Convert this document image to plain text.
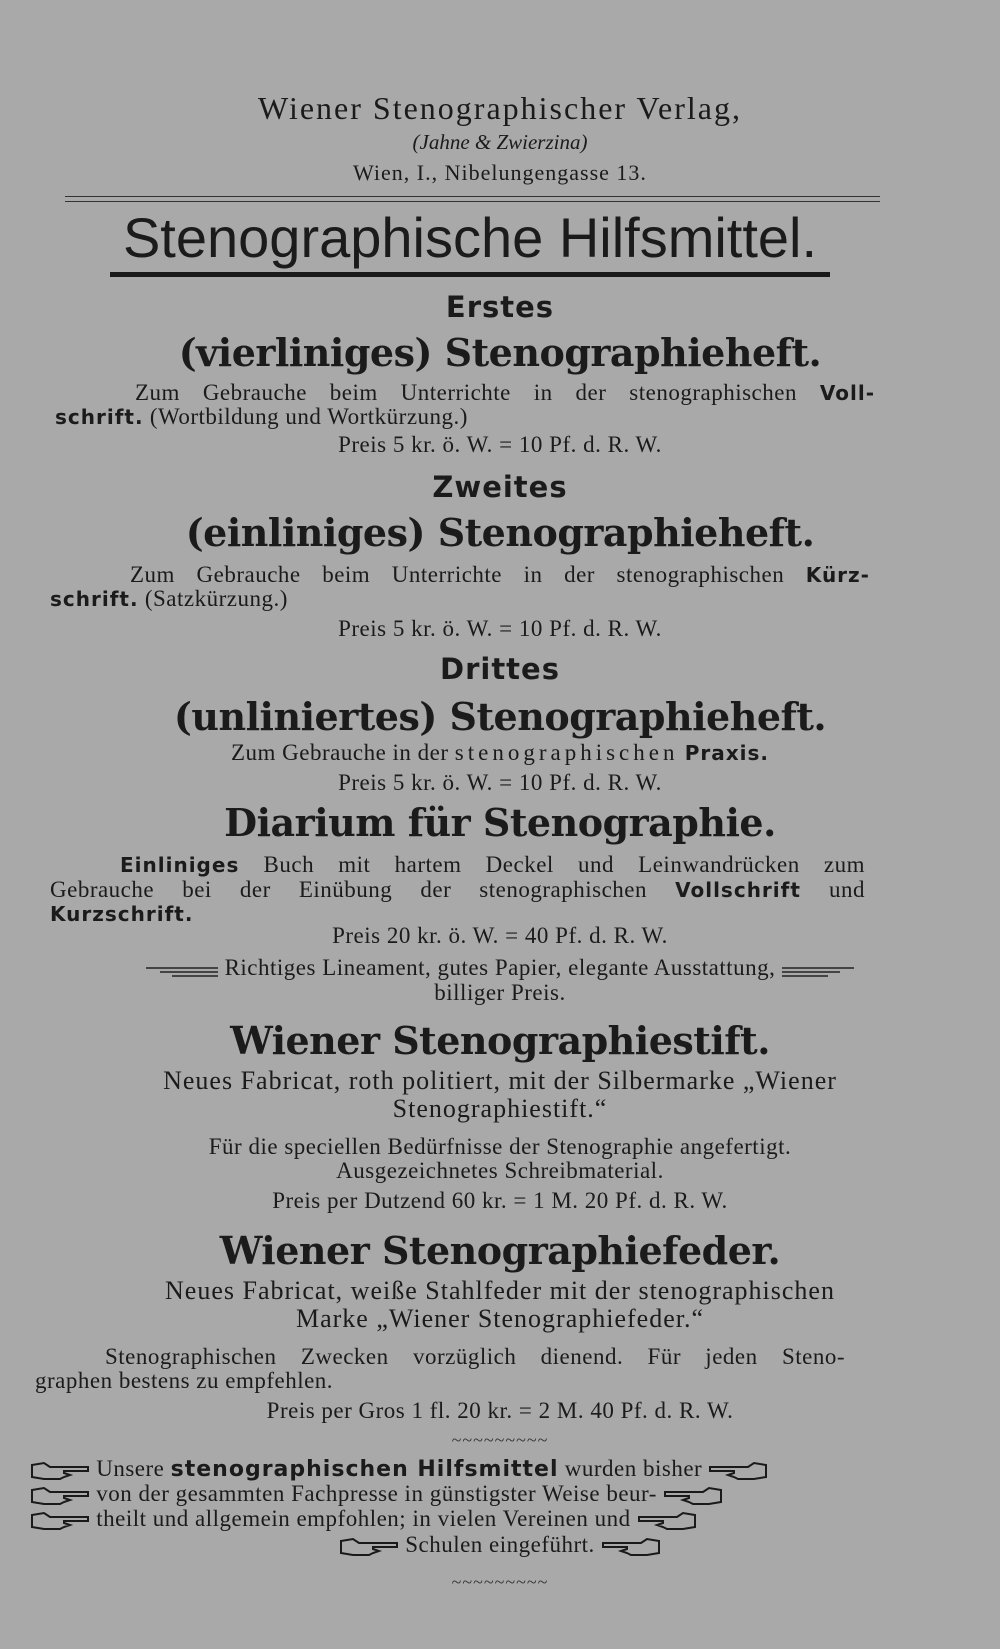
Wiener Stenographischer Verlag,
(Jahne & Zwierzina)
Wien, I., Nibelungengasse 13.
Stenographische Hilfsmittel.
Erstes
(vierliniges) Stenographieheft.
Zum Gebrauche beim Unterrichte in der stenographischen Voll-
schrift. (Wortbildung und Wortkürzung.)
Preis 5 kr. ö. W. = 10 Pf. d. R. W.
Zweites
(einliniges) Stenographieheft.
Zum Gebrauche beim Unterrichte in der stenographischen Kürz-
schrift. (Satzkürzung.)
Preis 5 kr. ö. W. = 10 Pf. d. R. W.
Drittes
(unliniertes) Stenographieheft.
Zum Gebrauche in der stenographischen Praxis.
Preis 5 kr. ö. W. = 10 Pf. d. R. W.
Diarium für Stenographie.
Einliniges Buch mit hartem Deckel und Leinwandrücken zum
Gebrauche bei der Einübung der stenographischen Vollschrift und
Kurzschrift.
Preis 20 kr. ö. W. = 40 Pf. d. R. W.
Richtiges Lineament, gutes Papier, elegante Ausstattung,
billiger Preis.
Wiener Stenographiestift.
Neues Fabricat, roth politiert, mit der Silbermarke „Wiener
Stenographiestift.“
Für die speciellen Bedürfnisse der Stenographie angefertigt.
Ausgezeichnetes Schreibmaterial.
Preis per Dutzend 60 kr. = 1 M. 20 Pf. d. R. W.
Wiener Stenographiefeder.
Neues Fabricat, weiße Stahlfeder mit der stenographischen
Marke „Wiener Stenographiefeder.“
Stenographischen Zwecken vorzüglich dienend. Für jeden Steno-
graphen bestens zu empfehlen.
Preis per Gros 1 fl. 20 kr. = 2 M. 40 Pf. d. R. W.
~~~~~~~~~
Unsere stenographischen Hilfsmittel wurden bisher
von der gesammten Fachpresse in günstigster Weise beur-
theilt und allgemein empfohlen; in vielen Vereinen und
Schulen eingeführt.
~~~~~~~~~
